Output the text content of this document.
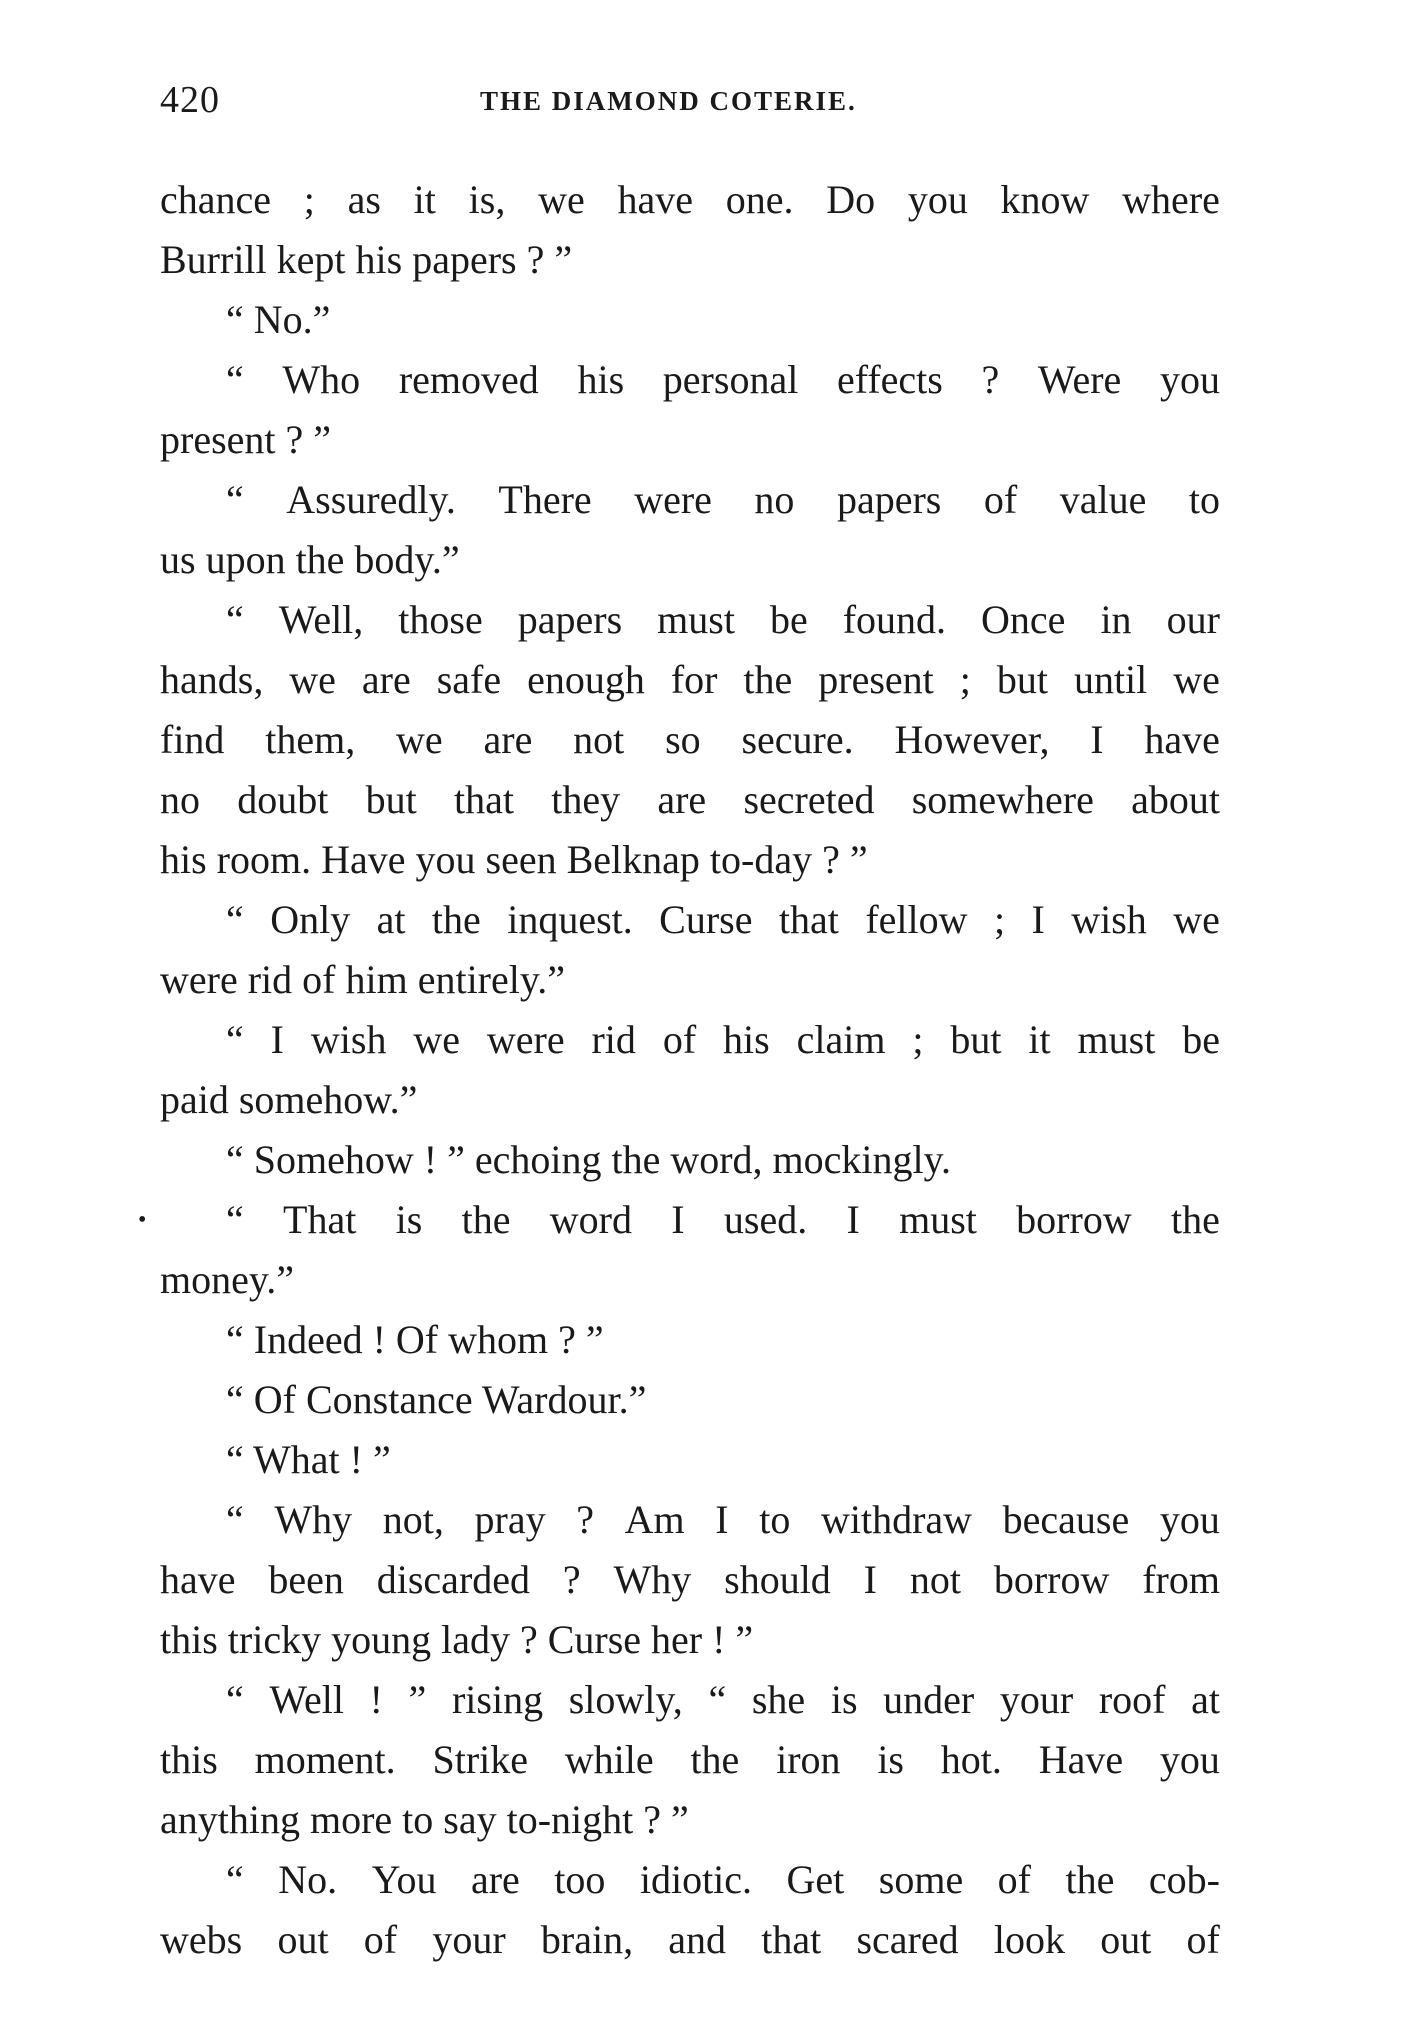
420	THE DIAMOND COTERIE.
chance ; as it is, we have one. Do you know where
Burrill kept his papers ? ”
“ No.”
“ Who removed his personal effects ? Were you
present ? ”
“ Assuredly. There were no papers of value to
us upon the body.”
“ Well, those papers must be found. Once in our
hands, we are safe enough for the present ; but until we
find them, we are not so secure. However, I have
no doubt but that they are secreted somewhere about
his room. Have you seen Belknap to-day ? ”
“ Only at the inquest. Curse that fellow ; I wish we
were rid of him entirely.”
“ I wish we were rid of his claim ; but it must be
paid somehow.”
“ Somehow ! ” echoing the word, mockingly.
• “ That is the word I used. I must borrow the
money.”
“ Indeed ! Of whom ? ”
“ Of Constance Wardour.”
“ What ! ”
“ Why not, pray ? Am I to withdraw because you
have been discarded ? Why should I not borrow from
this tricky young lady ? Curse her ! ”
“ Well ! ” rising slowly, “ she is under your roof at
this moment. Strike while the iron is hot. Have you
anything more to say to-night ? ”
“ No. You are too idiotic. Get some of the cob-
webs out of your brain, and that scared look out of
